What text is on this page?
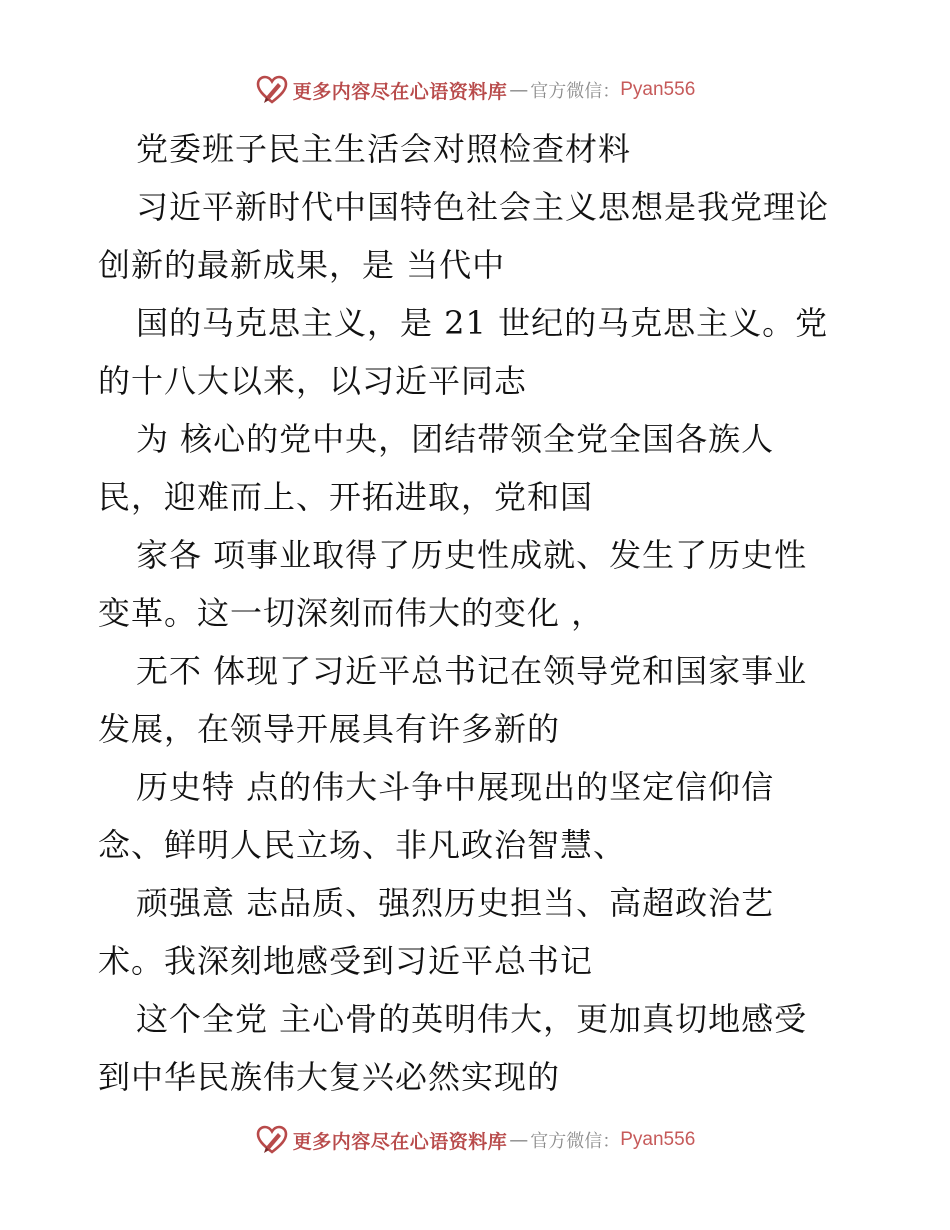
更多内容尽在心语资料库 — 官方微信： Pyan556
党委班子民主生活会对照检查材料
习近平新时代中国特色社会主义思想是我党理论
创新的最新成果，是 当代中
国的马克思主义，是 21 世纪的马克思主义。党
的十八大以来，以习近平同志
为 核心的党中央，团结带领全党全国各族人
民，迎难而上、开拓进取，党和国
家各 项事业取得了历史性成就、发生了历史性
变革。这一切深刻而伟大的变化 ，
无不 体现了习近平总书记在领导党和国家事业
发展，在领导开展具有许多新的
历史特 点的伟大斗争中展现出的坚定信仰信
念、鲜明人民立场、非凡政治智慧、
顽强意 志品质、强烈历史担当、高超政治艺
术。我深刻地感受到习近平总书记
这个全党 主心骨的英明伟大，更加真切地感受
到中华民族伟大复兴必然实现的
更多内容尽在心语资料库 — 官方微信： Pyan556
